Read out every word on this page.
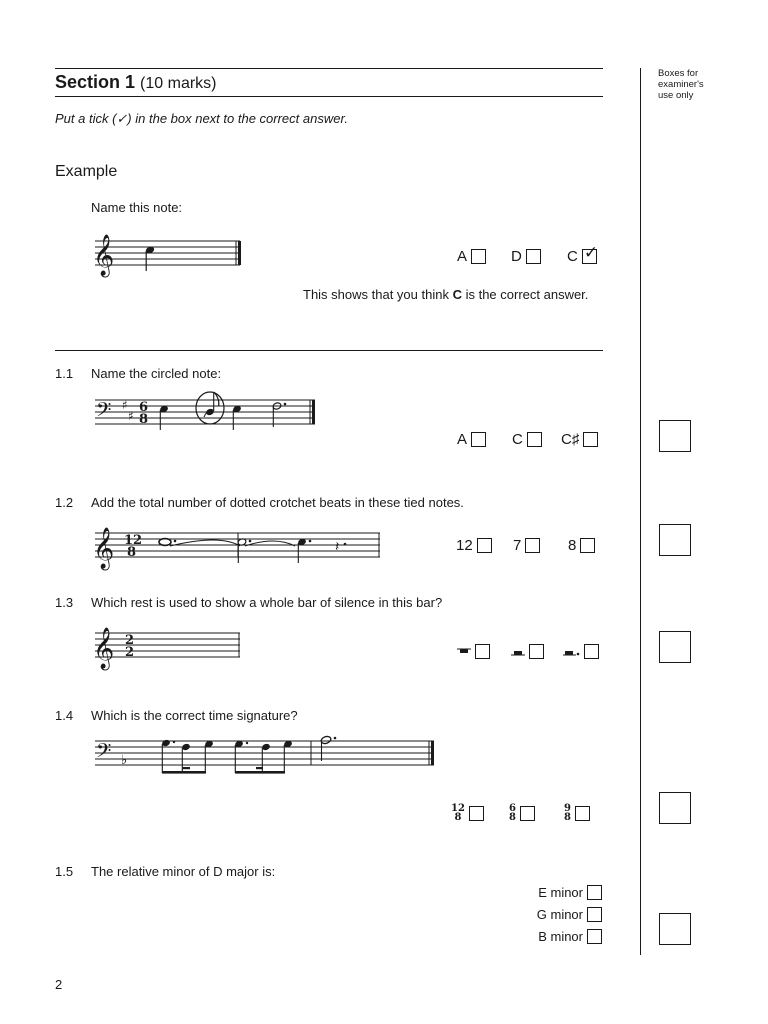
Section 1 (10 marks)
Put a tick (✓) in the box next to the correct answer.
Boxes for examiner's use only
Example
Name this note:
𝄞	A	D	C ✓
This shows that you think C is the correct answer.
1.1 Name the circled note:
𝄢 ♯
♯
6
8
A	C	C♯
1.2 Add the total number of dotted crotchet beats in these tied notes.
𝄞 12
8	𝄽	12	7	8
1.3 Which rest is used to show a whole bar of silence in this bar?
𝄞 2
2
1.4 Which is the correct time signature?
𝄢 ♭
12
8
6
8
9
8
1.5 The relative minor of D major is:
E minor
G minor
B minor
2
